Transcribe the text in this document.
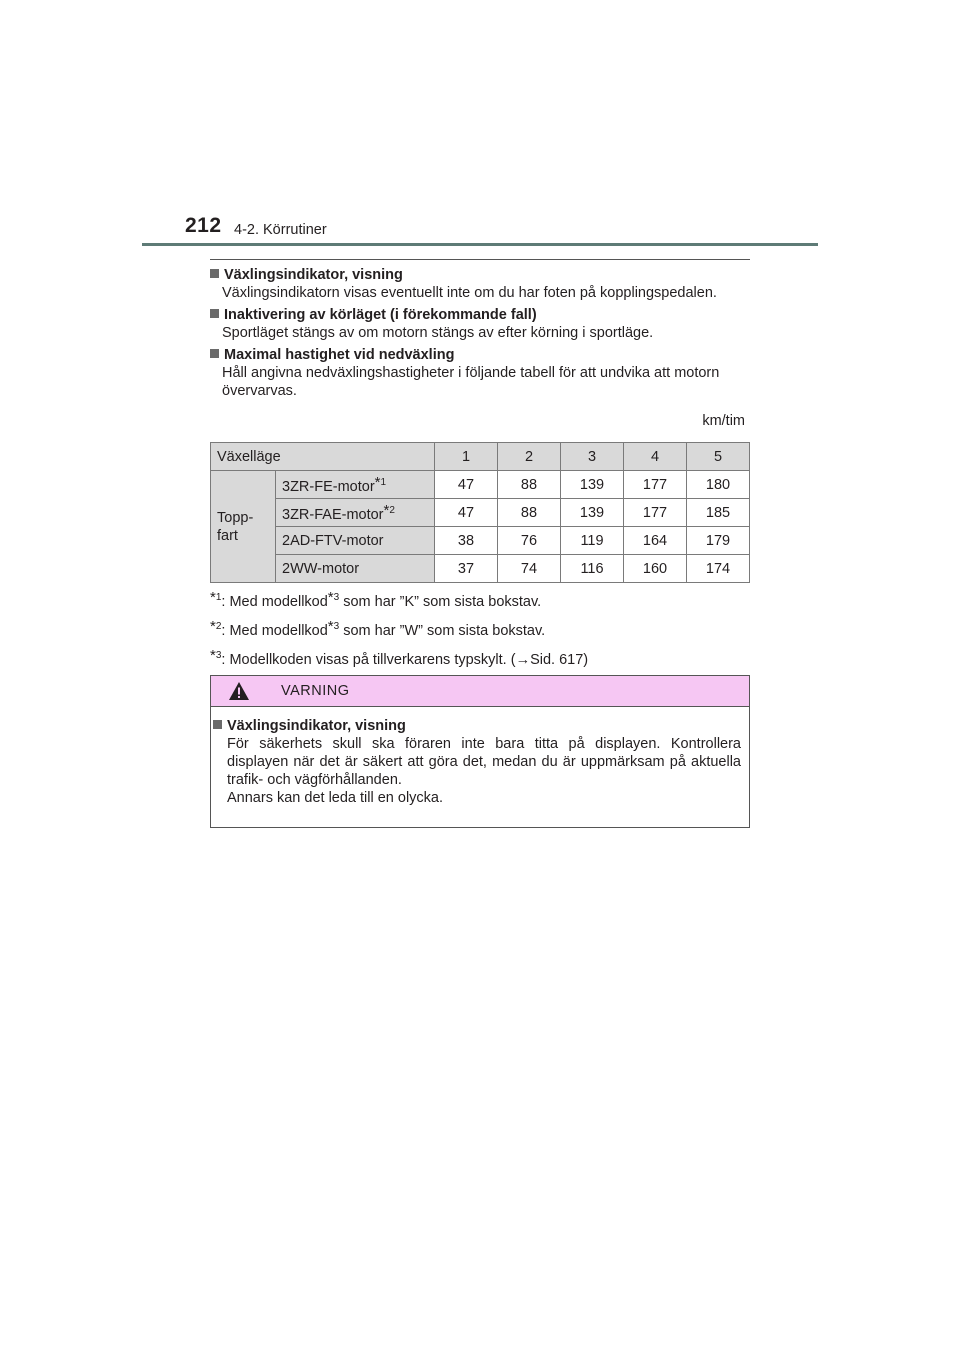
212 4-2. Körrutiner
Växlingsindikator, visning
Växlingsindikatorn visas eventuellt inte om du har foten på kopplingspedalen.
Inaktivering av körläget (i förekommande fall)
Sportläget stängs av om motorn stängs av efter körning i sportläge.
Maximal hastighet vid nedväxling
Håll angivna nedväxlingshastigheter i följande tabell för att undvika att motorn övervarvas.
km/tim
Växelläge		1	2	3	4	5
Topp-
fart	3ZR-FE-motor*$^1$	47	88	139	177	180
	3ZR-FAE-motor*$^2$	47	88	139	177	185
	2AD-FTV-motor	38	76	119	164	179
	2WW-motor	37	74	116	160	174
*$^1$: Med modellkod*$^3$ som har ”K” som sista bokstav.
*$^2$: Med modellkod*$^3$ som har ”W” som sista bokstav.
*$^3$: Modellkoden visas på tillverkarens typskylt. (→Sid. 617)
VARNING
Växlingsindikator, visning
För säkerhets skull ska föraren inte bara titta på displayen. Kontrollera displayen när det är säkert att göra det, medan du är uppmärksam på aktuella trafik- och vägförhållanden.
Annars kan det leda till en olycka.
